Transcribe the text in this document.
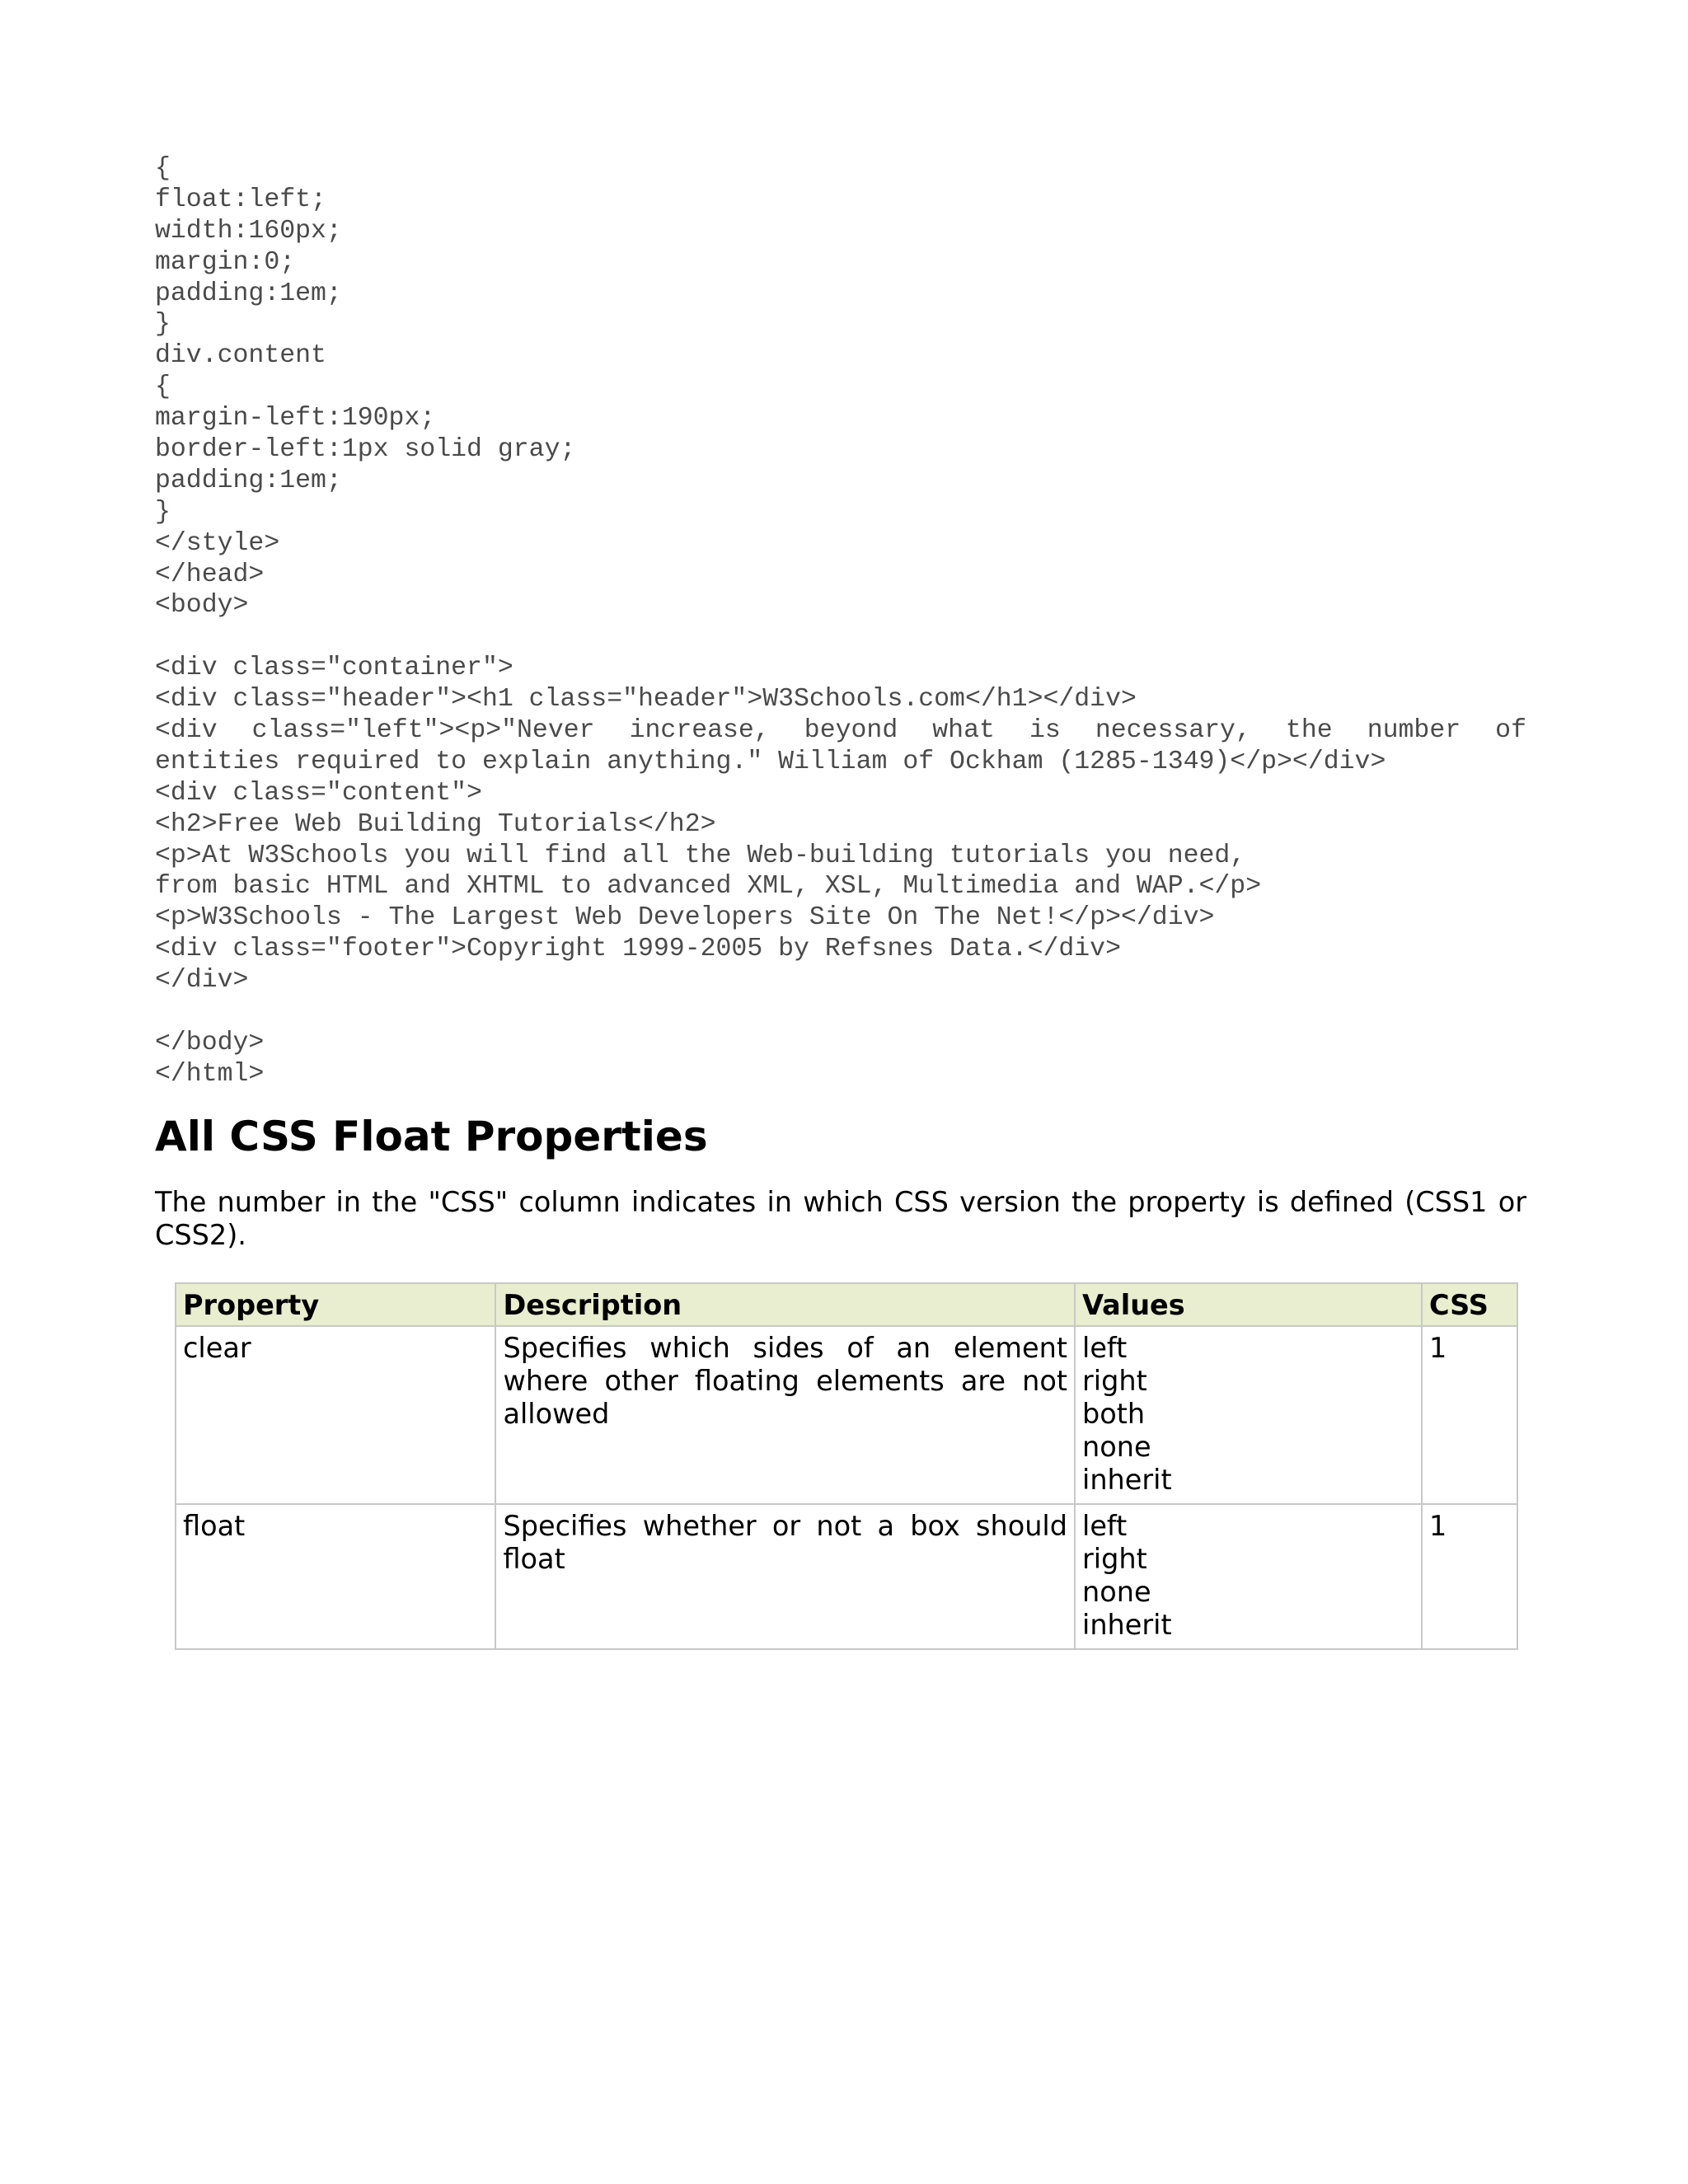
{
float:left;
width:160px;
margin:0;
padding:1em;
}
div.content
{
margin-left:190px;
border-left:1px solid gray;
padding:1em;
}
</style>
</head>
<body>
<div class="container">
<div class="header"><h1 class="header">W3Schools.com</h1></div>
<div class="left"><p>"Never increase, beyond what is necessary, the number of
entities required to explain anything." William of Ockham (1285-1349)</p></div>
<div class="content">
<h2>Free Web Building Tutorials</h2>
<p>At W3Schools you will find all the Web-building tutorials you need,
from basic HTML and XHTML to advanced XML, XSL, Multimedia and WAP.</p>
<p>W3Schools - The Largest Web Developers Site On The Net!</p></div>
<div class="footer">Copyright 1999-2005 by Refsnes Data.</div>
</div>
</body>
</html>
All CSS Float Properties

The number in the "CSS" column indicates in which CSS version the property is defined (CSS1 or CSS2).

Property	Description	Values	CSS
clear	Specifies which sides of an element where other floating elements are not allowed	left
right
both
none
inherit	1
float	Specifies whether or not a box should float	left
right
none
inherit	1
